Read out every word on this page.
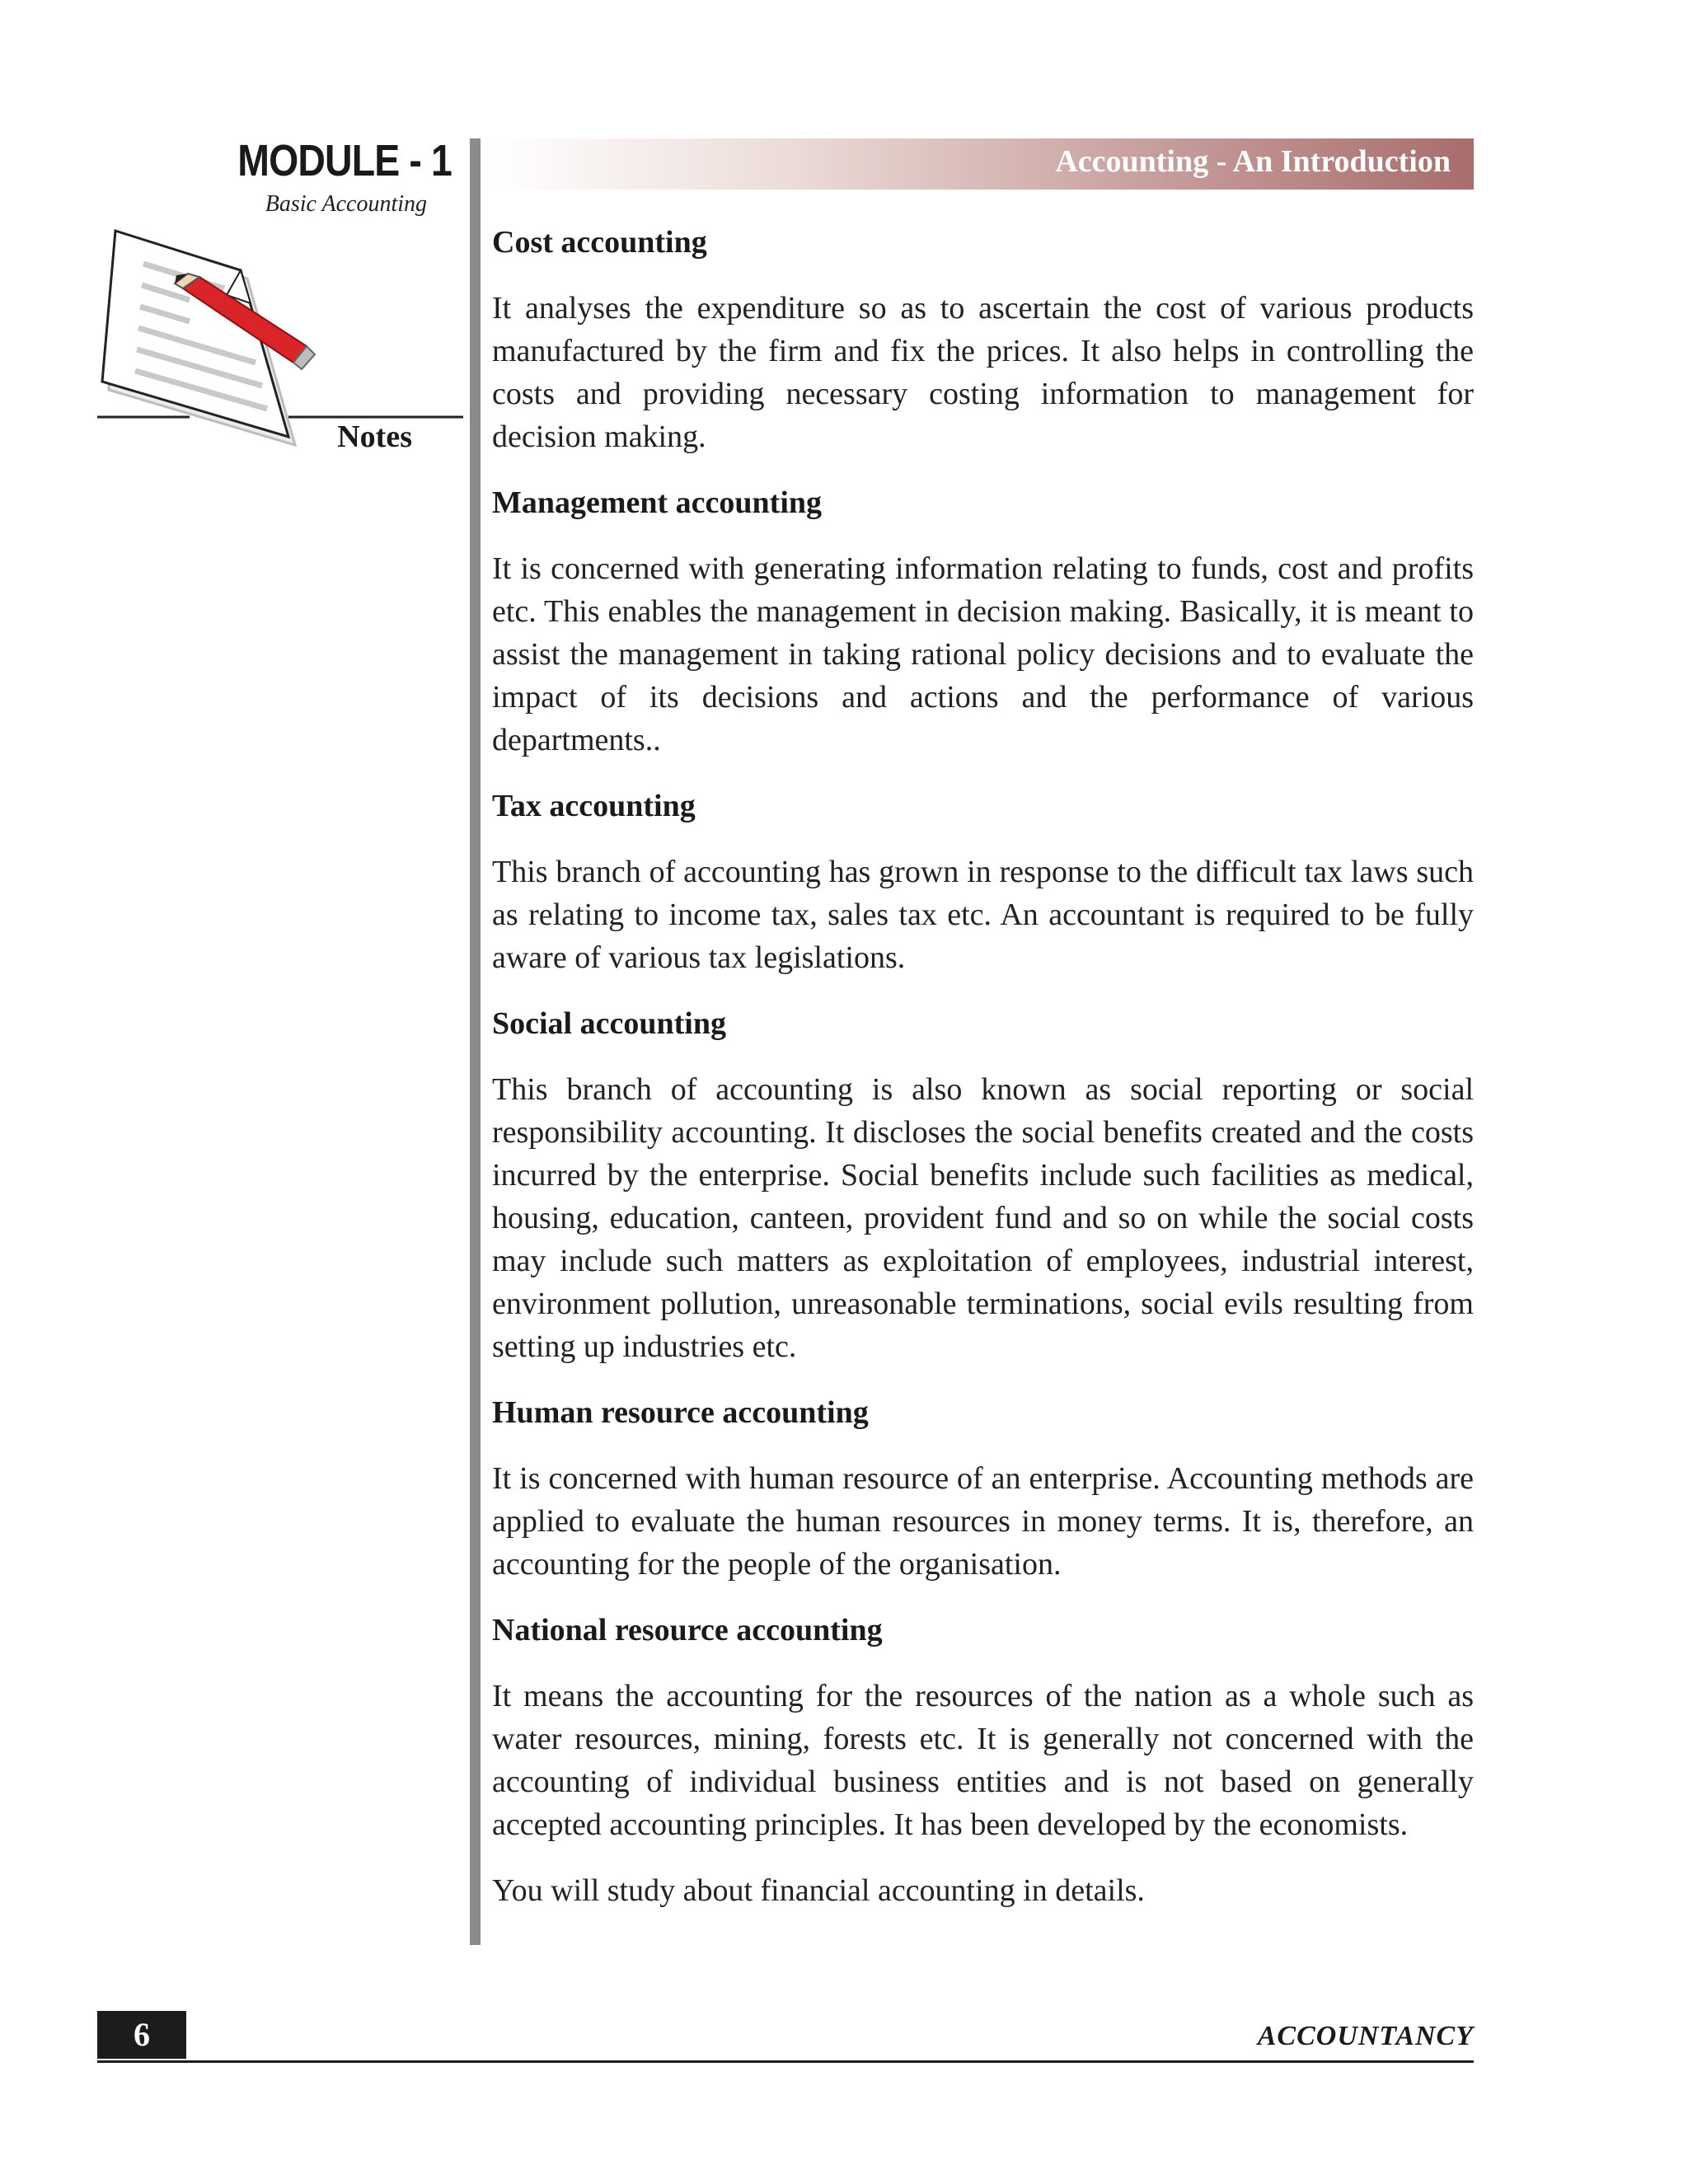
MODULE - 1
Basic Accounting
Notes
Accounting - An Introduction
Cost accounting

It analyses the expenditure so as to ascertain the cost of various products manufactured by the firm and fix the prices. It also helps in controlling the costs and providing necessary costing information to management for decision making.

Management accounting

It is concerned with generating information relating to funds, cost and profits etc. This enables the management in decision making. Basically, it is meant to assist the management in taking rational policy decisions and to evaluate the impact of its decisions and actions and the performance of various departments..

Tax accounting

This branch of accounting has grown in response to the difficult tax laws such as relating to income tax, sales tax etc. An accountant is required to be fully aware of various tax legislations.

Social accounting

This branch of accounting is also known as social reporting or social responsibility accounting. It discloses the social benefits created and the costs incurred by the enterprise. Social benefits include such facilities as medical, housing, education, canteen, provident fund and so on while the social costs may include such matters as exploitation of employees, industrial interest, environment pollution, unreasonable terminations, social evils resulting from setting up industries etc.

Human resource accounting

It is concerned with human resource of an enterprise. Accounting methods are applied to evaluate the human resources in money terms. It is, therefore, an accounting for the people of the organisation.

National resource accounting

It means the accounting for the resources of the nation as a whole such as water resources, mining, forests etc. It is generally not concerned with the accounting of individual business entities and is not based on generally accepted accounting principles. It has been developed by the economists.

You will study about financial accounting in details.

6	ACCOUNTANCY
